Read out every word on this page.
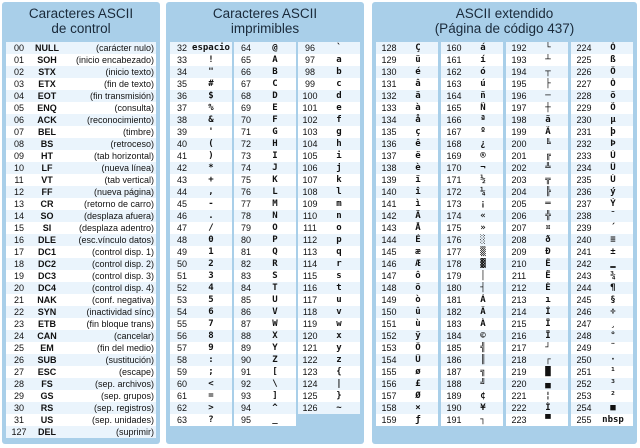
Caracteres ASCII
de control
00	NULL	(carácter nulo)
01	SOH	(inicio encabezado)
02	STX	(inicio texto)
03	ETX	(fin de texto)
04	EOT	(fin transmisión)
05	ENQ	(consulta)
06	ACK	(reconocimiento)
07	BEL	(timbre)
08	BS	(retroceso)
09	HT	(tab horizontal)
10	LF	(nueva línea)
11	VT	(tab vertical)
12	FF	(nueva página)
13	CR	(retorno de carro)
14	SO	(desplaza afuera)
15	SI	(desplaza adentro)
16	DLE	(esc.vínculo datos)
17	DC1	(control disp. 1)
18	DC2	(control disp. 2)
19	DC3	(control disp. 3)
20	DC4	(control disp. 4)
21	NAK	(conf. negativa)
22	SYN	(inactividad sínc)
23	ETB	(fin bloque trans)
24	CAN	(cancelar)
25	EM	(fin del medio)
26	SUB	(sustitución)
27	ESC	(escape)
28	FS	(sep. archivos)
29	GS	(sep. grupos)
30	RS	(sep. registros)
31	US	(sep. unidades)
127	DEL	(suprimir)
Caracteres ASCII
imprimibles
32 espacio
33	!
34	"
35	#
36	$
37	%
38	&
39	'
40	(
41	)
42	*
43	+
44	,
45	-
46	.
47	/
48	0
49	1
50	2
51	3
52	4
53	5
54	6
55	7
56	8
57	9
58	:
59	;
60	<
61	=
62	>
63	?
64	@
65	A
66	B
67	C
68	D
69	E
70	F
71	G
72	H
73	I
74	J
75	K
76	L
77	M
78	N
79	O
80	P
81	Q
82	R
83	S
84	T
85	U
86	V
87	W
88	X
89	Y
90	Z
91	[
92	\
93	]
94	^
95	_
96	`
97	a
98	b
99	c
100	d
101	e
102	f
103	g
104	h
105	i
106	j
107	k
108	l
109	m
110	n
111	o
112	p
113	q
114	r
115	s
116	t
117	u
118	v
119	w
120	x
121	y
122	z
123	{
124	|
125	}
126	~
ASCII extendido
(Página de código 437)
128	Ç
129	ü
130	é
131	â
132	ä
133	à
134	å
135	ç
136	ê
137	ë
138	è
139	ï
140	î
141	ì
142	Ä
143	Å
144	É
145	æ
146	Æ
147	ô
148	ö
149	ò
150	û
151	ù
152	ÿ
153	Ö
154	Ü
155	ø
156	£
157	Ø
158	×
159	ƒ
160	á
161	í
162	ó
163	ú
164	ñ
165	Ñ
166	ª
167	º
168	¿
169	®
170	¬
171	½
172	¼
173	¡
174	«
175	»
176	░
177	▒
178	▓
179	│
180	┤
181	Á
182	Â
183	À
184	©
185	╣
186	║
187	╗
188	╝
189	¢
190	¥
191	┐
192	└
193	┴
194	┬
195	├
196	─
197	┼
198	ã
199	Ã
200	╚
201	╔
202	╩
203	╦
204	╠
205	═
206	╬
207	¤
208	ð
209	Ð
210	Ê
211	Ë
212	È
213	ı
214	Í
215	Î
216	Ï
217	┘
218	┌
219	█
220	▄
221	¦
222	Ì
223	▀
224	Ó
225	ß
226	Ô
227	Ò
228	õ
229	Õ
230	µ
231	þ
232	Þ
233	Ú
234	Û
235	Ù
236	ý
237	Ý
238	¯
239	´
240	≡
241	±
242	‗
243	¾
244	¶
245	§
246	÷
247	¸
248	°
249	¨
250	·
251	¹
252	³
253	²
254	■
255	nbsp
